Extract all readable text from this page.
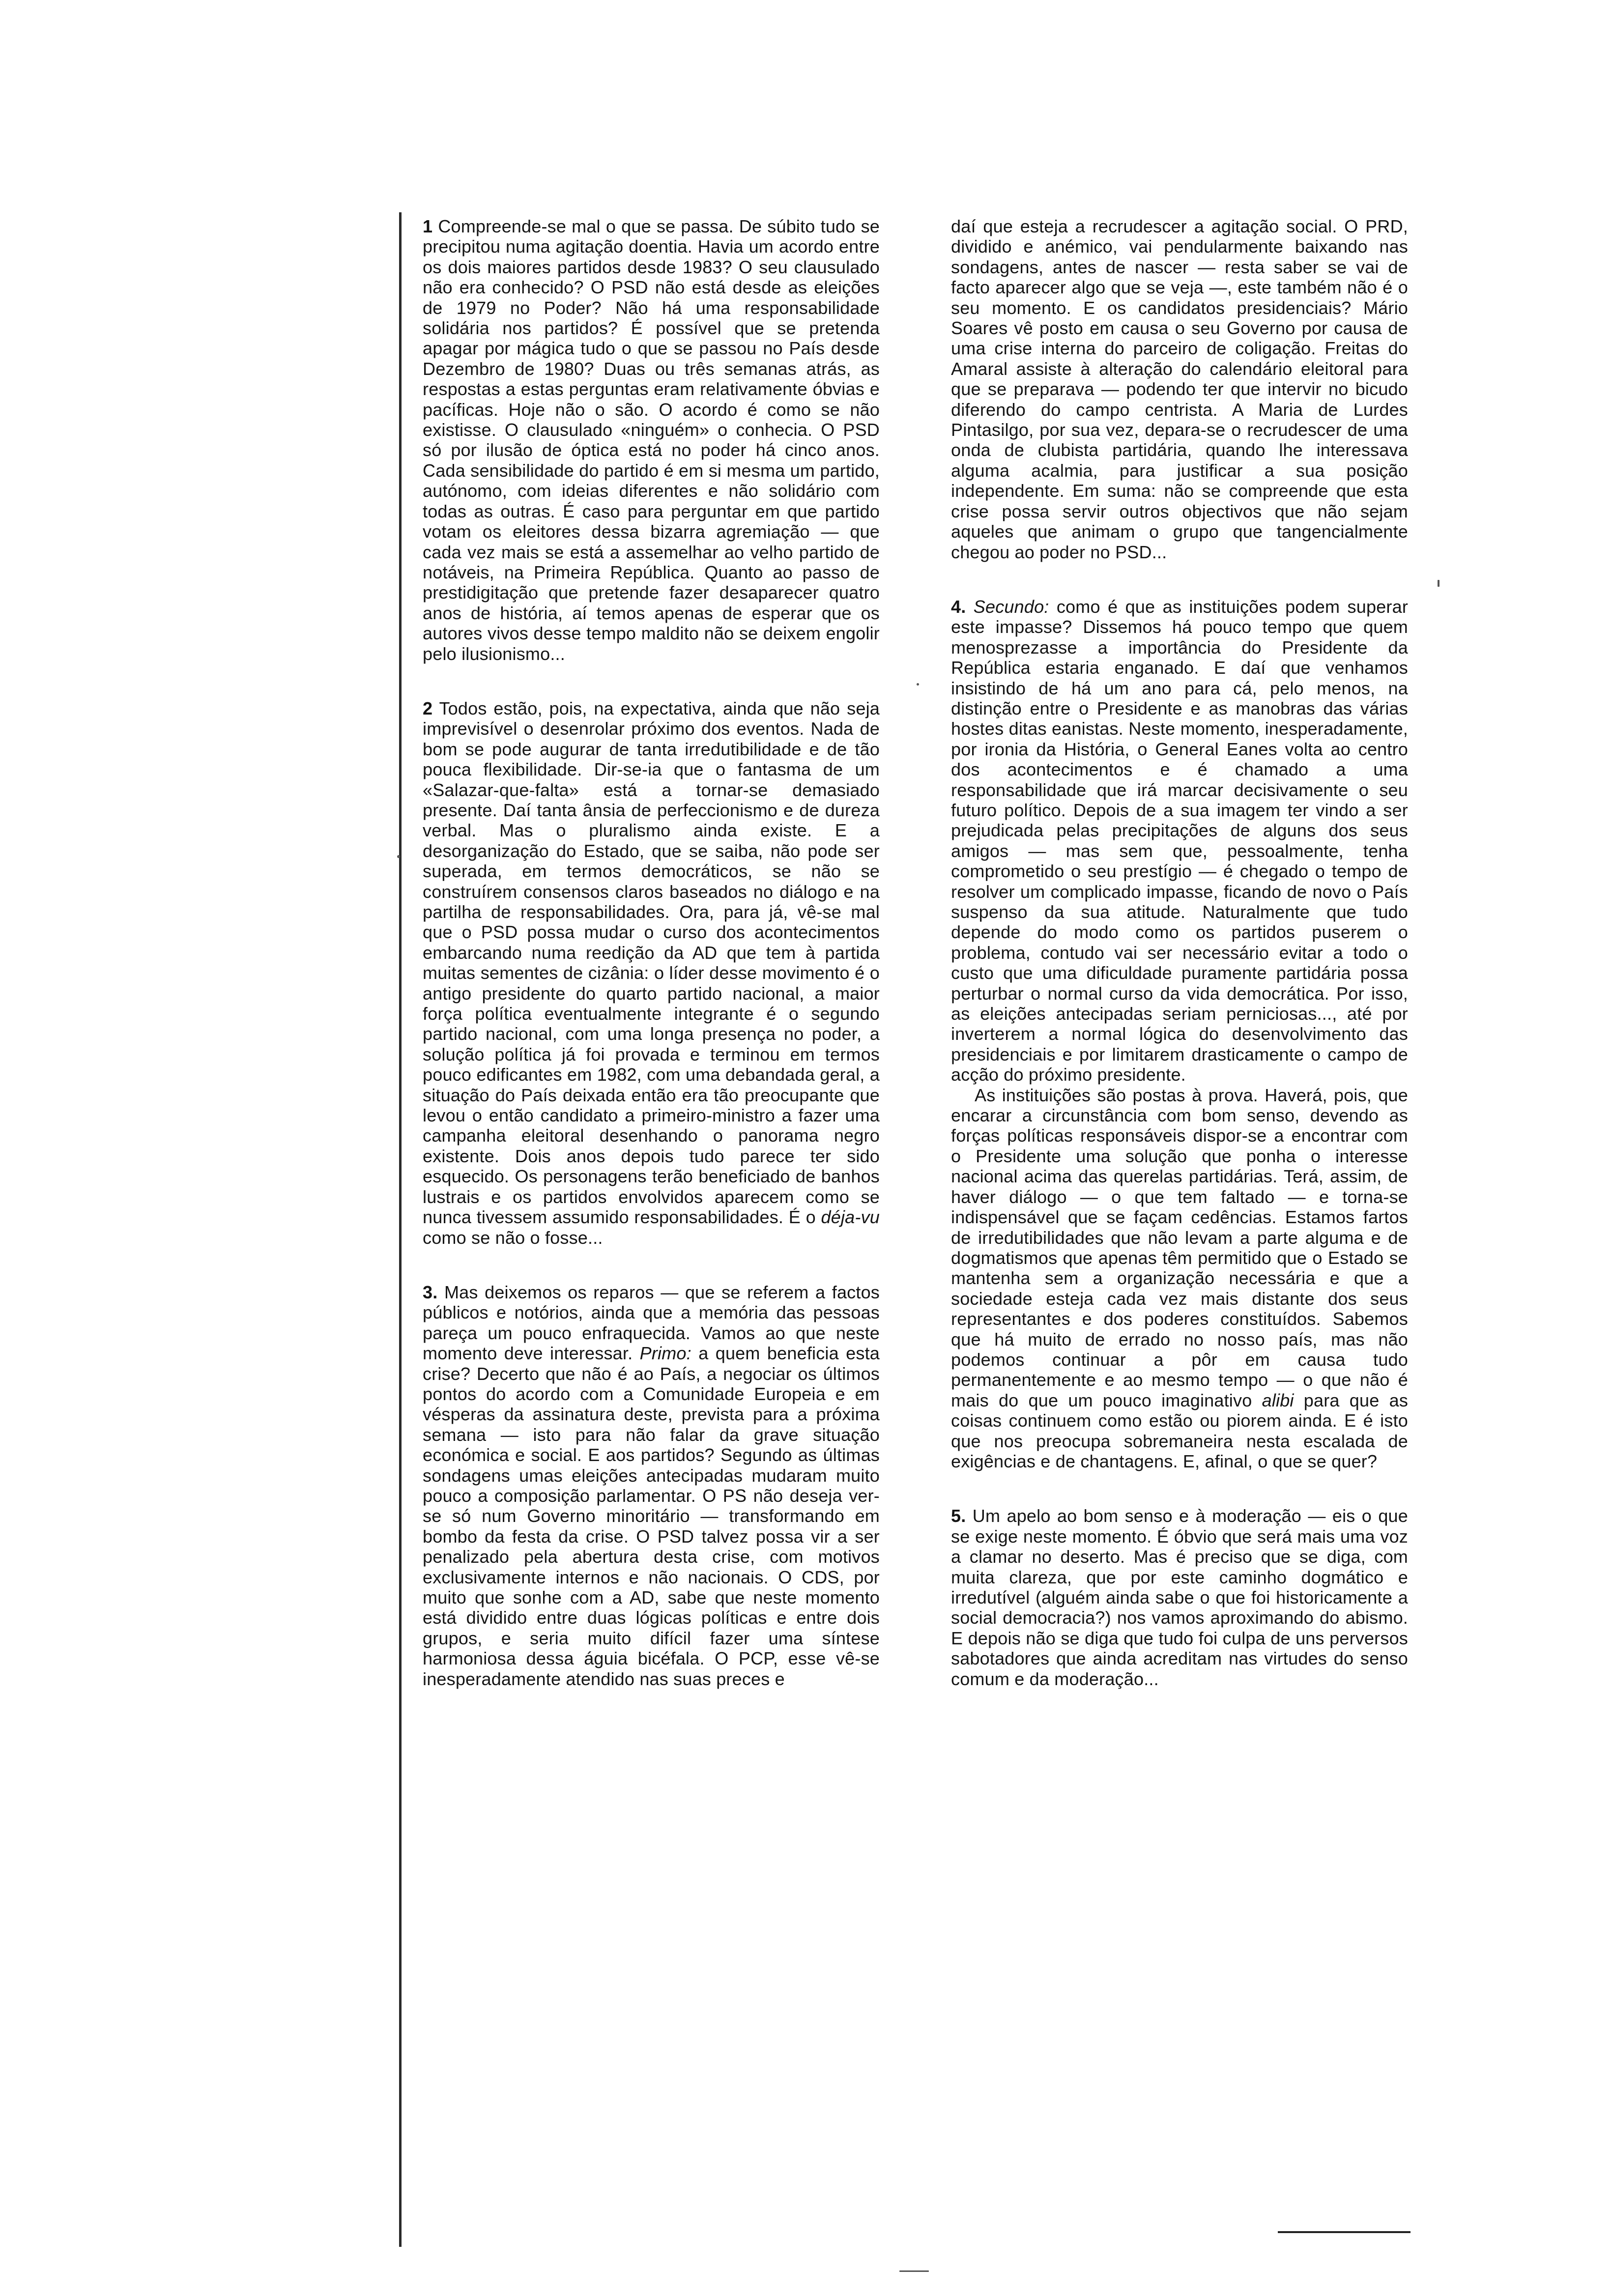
1 Compreende-se mal o que se passa. De súbito tudo se precipitou numa agitação doentia. Havia um acordo entre os dois maiores partidos desde 1983? O seu clausulado não era conhecido? O PSD não está desde as eleições de 1979 no Poder? Não há uma responsabilidade solidária nos partidos? É possível que se pretenda apagar por mágica tudo o que se passou no País desde Dezembro de 1980? Duas ou três semanas atrás, as respostas a estas perguntas eram relativamente óbvias e pacíficas. Hoje não o são. O acordo é como se não existisse. O clausulado «ninguém» o conhecia. O PSD só por ilusão de óptica está no poder há cinco anos. Cada sensibilidade do partido é em si mesma um partido, autónomo, com ideias diferentes e não solidário com todas as outras. É caso para perguntar em que partido votam os eleitores dessa bizarra agremiação — que cada vez mais se está a assemelhar ao velho partido de notáveis, na Primeira República. Quanto ao passo de prestidigitação que pretende fazer desaparecer quatro anos de história, aí temos apenas de esperar que os autores vivos desse tempo maldito não se deixem engolir pelo ilusionismo...

2 Todos estão, pois, na expectativa, ainda que não seja imprevisível o desenrolar próximo dos eventos. Nada de bom se pode augurar de tanta irredutibilidade e de tão pouca flexibilidade. Dir-se-ia que o fantasma de um «Salazar-que-falta» está a tornar-se demasiado presente. Daí tanta ânsia de perfeccionismo e de dureza verbal. Mas o pluralismo ainda existe. E a desorganização do Estado, que se saiba, não pode ser superada, em termos democráticos, se não se construírem consensos claros baseados no diálogo e na partilha de responsabilidades. Ora, para já, vê-se mal que o PSD possa mudar o curso dos acontecimentos embarcando numa reedição da AD que tem à partida muitas sementes de cizânia: o líder desse movimento é o antigo presidente do quarto partido nacional, a maior força política eventualmente integrante é o segundo partido nacional, com uma longa presença no poder, a solução política já foi provada e terminou em termos pouco edificantes em 1982, com uma debandada geral, a situação do País deixada então era tão preocupante que levou o então candidato a primeiro-ministro a fazer uma campanha eleitoral desenhando o panorama negro existente. Dois anos depois tudo parece ter sido esquecido. Os personagens terão beneficiado de banhos lustrais e os partidos envolvidos aparecem como se nunca tivessem assumido responsabilidades. É o déja-vu como se não o fosse...

3. Mas deixemos os reparos — que se referem a factos públicos e notórios, ainda que a memória das pessoas pareça um pouco enfraquecida. Vamos ao que neste momento deve interessar. Primo: a quem beneficia esta crise? Decerto que não é ao País, a negociar os últimos pontos do acordo com a Comunidade Europeia e em vésperas da assinatura deste, prevista para a próxima semana — isto para não falar da grave situação económica e social. E aos partidos? Segundo as últimas sondagens umas eleições antecipadas mudaram muito pouco a composição parlamentar. O PS não deseja ver-se só num Governo minoritário — transformando em bombo da festa da crise. O PSD talvez possa vir a ser penalizado pela abertura desta crise, com motivos exclusivamente internos e não nacionais. O CDS, por muito que sonhe com a AD, sabe que neste momento está dividido entre duas lógicas políticas e entre dois grupos, e seria muito difícil fazer uma síntese harmoniosa dessa águia bicéfala. O PCP, esse vê-se inesperadamente atendido nas suas preces e

daí que esteja a recrudescer a agitação social. O PRD, dividido e anémico, vai pendularmente baixando nas sondagens, antes de nascer — resta saber se vai de facto aparecer algo que se veja —, este também não é o seu momento. E os candidatos presidenciais? Mário Soares vê posto em causa o seu Governo por causa de uma crise interna do parceiro de coligação. Freitas do Amaral assiste à alteração do calendário eleitoral para que se preparava — podendo ter que intervir no bicudo diferendo do campo centrista. A Maria de Lurdes Pintasilgo, por sua vez, depara-se o recrudescer de uma onda de clubista partidária, quando lhe interessava alguma acalmia, para justificar a sua posição independente. Em suma: não se compreende que esta crise possa servir outros objectivos que não sejam aqueles que animam o grupo que tangencialmente chegou ao poder no PSD...

4. Secundo: como é que as instituições podem superar este impasse? Dissemos há pouco tempo que quem menosprezasse a importância do Presidente da República estaria enganado. E daí que venhamos insistindo de há um ano para cá, pelo menos, na distinção entre o Presidente e as manobras das várias hostes ditas eanistas. Neste momento, inesperadamente, por ironia da História, o General Eanes volta ao centro dos acontecimentos e é chamado a uma responsabilidade que irá marcar decisivamente o seu futuro político. Depois de a sua imagem ter vindo a ser prejudicada pelas precipitações de alguns dos seus amigos — mas sem que, pessoalmente, tenha comprometido o seu prestígio — é chegado o tempo de resolver um complicado impasse, ficando de novo o País suspenso da sua atitude. Naturalmente que tudo depende do modo como os partidos puserem o problema, contudo vai ser necessário evitar a todo o custo que uma dificuldade puramente partidária possa perturbar o normal curso da vida democrática. Por isso, as eleições antecipadas seriam perniciosas..., até por inverterem a normal lógica do desenvolvimento das presidenciais e por limitarem drasticamente o campo de acção do próximo presidente.

As instituições são postas à prova. Haverá, pois, que encarar a circunstância com bom senso, devendo as forças políticas responsáveis dispor-se a encontrar com o Presidente uma solução que ponha o interesse nacional acima das querelas partidárias. Terá, assim, de haver diálogo — o que tem faltado — e torna-se indispensável que se façam cedências. Estamos fartos de irredutibilidades que não levam a parte alguma e de dogmatismos que apenas têm permitido que o Estado se mantenha sem a organização necessária e que a sociedade esteja cada vez mais distante dos seus representantes e dos poderes constituídos. Sabemos que há muito de errado no nosso país, mas não podemos continuar a pôr em causa tudo permanentemente e ao mesmo tempo — o que não é mais do que um pouco imaginativo alibi para que as coisas continuem como estão ou piorem ainda. E é isto que nos preocupa sobremaneira nesta escalada de exigências e de chantagens. E, afinal, o que se quer?

5. Um apelo ao bom senso e à moderação — eis o que se exige neste momento. É óbvio que será mais uma voz a clamar no deserto. Mas é preciso que se diga, com muita clareza, que por este caminho dogmático e irredutível (alguém ainda sabe o que foi historicamente a social democracia?) nos vamos aproximando do abismo. E depois não se diga que tudo foi culpa de uns perversos sabotadores que ainda acreditam nas virtudes do senso comum e da moderação...
